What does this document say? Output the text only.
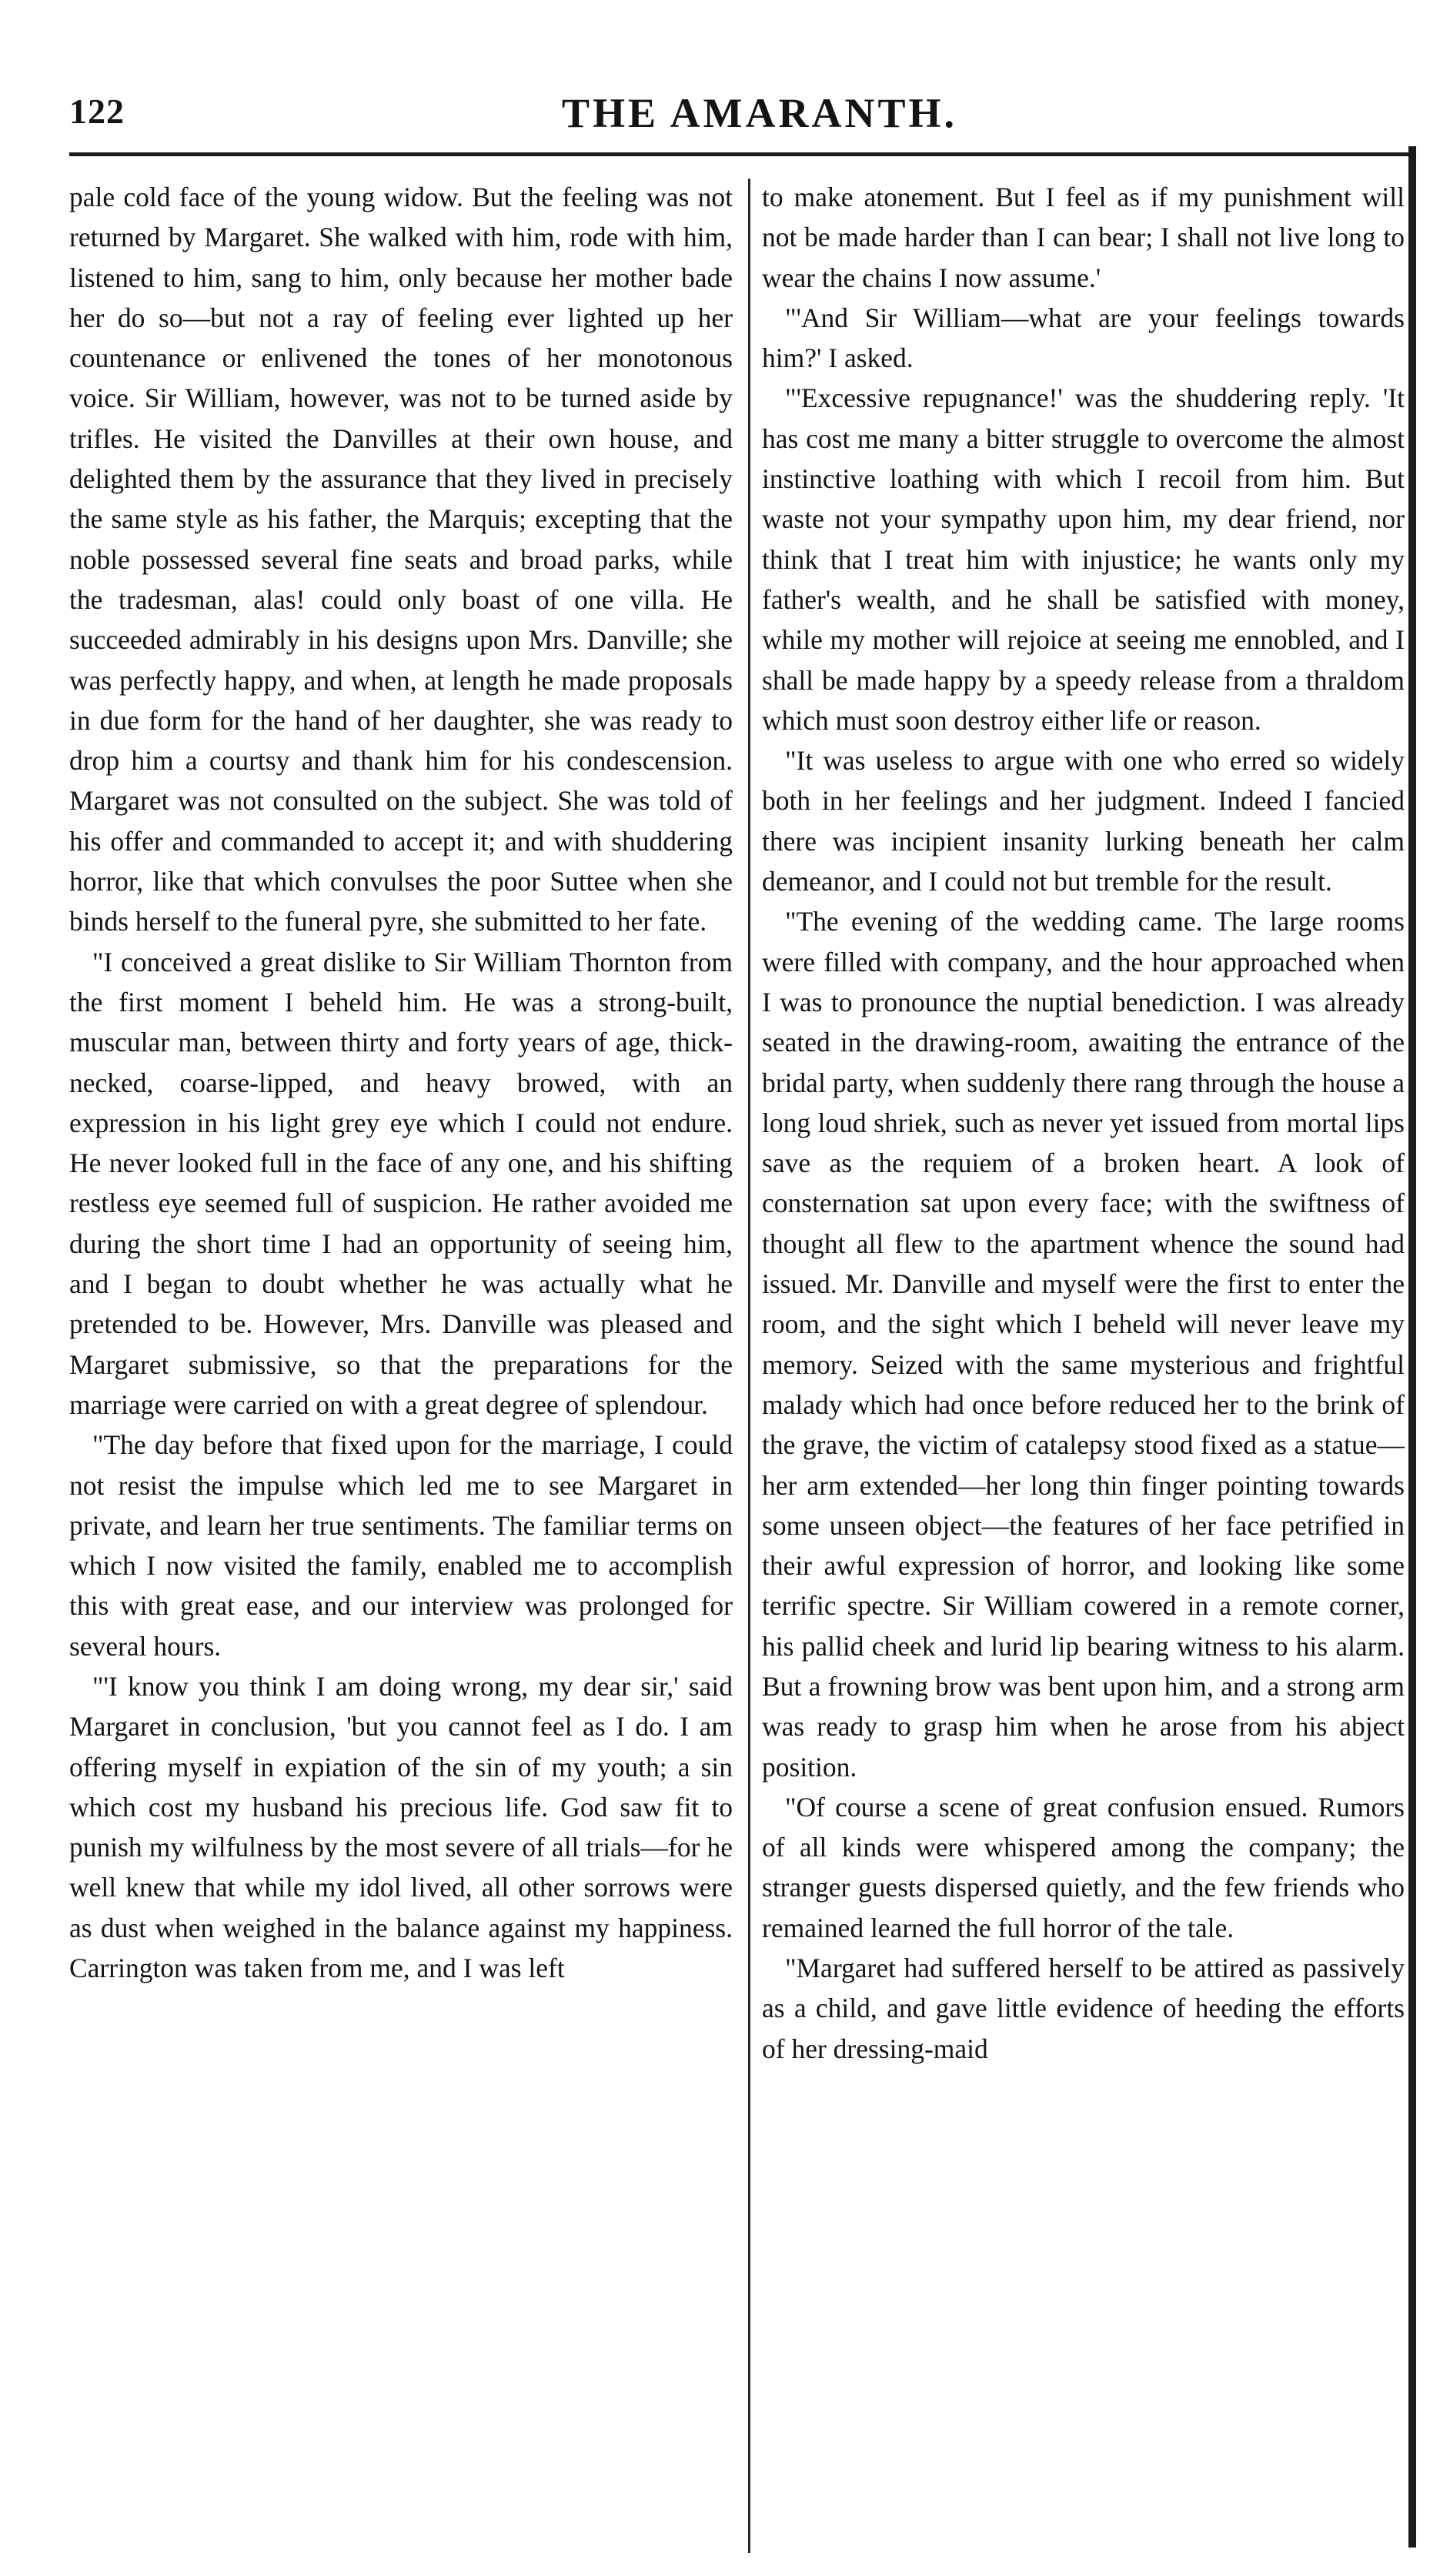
122	THE AMARANTH.

pale cold face of the young widow. But the feeling was not returned by Margaret. She walked with him, rode with him, listened to him, sang to him, only because her mother bade her do so—but not a ray of feeling ever lighted up her countenance or enlivened the tones of her monotonous voice. Sir William, however, was not to be turned aside by trifles. He visited the Danvilles at their own house, and delighted them by the assurance that they lived in precisely the same style as his father, the Marquis; excepting that the noble possessed several fine seats and broad parks, while the tradesman, alas! could only boast of one villa. He succeeded admirably in his designs upon Mrs. Danville; she was perfectly happy, and when, at length he made proposals in due form for the hand of her daughter, she was ready to drop him a courtsy and thank him for his condescension. Margaret was not consulted on the subject. She was told of his offer and commanded to accept it; and with shuddering horror, like that which convulses the poor Suttee when she binds herself to the funeral pyre, she submitted to her fate.

"I conceived a great dislike to Sir William Thornton from the first moment I beheld him. He was a strong-built, muscular man, between thirty and forty years of age, thick-necked, coarse-lipped, and heavy browed, with an expression in his light grey eye which I could not endure. He never looked full in the face of any one, and his shifting restless eye seemed full of suspicion. He rather avoided me during the short time I had an opportunity of seeing him, and I began to doubt whether he was actually what he pretended to be. However, Mrs. Danville was pleased and Margaret submissive, so that the preparations for the marriage were carried on with a great degree of splendour.

"The day before that fixed upon for the marriage, I could not resist the impulse which led me to see Margaret in private, and learn her true sentiments. The familiar terms on which I now visited the family, enabled me to accomplish this with great ease, and our interview was prolonged for several hours.

"'I know you think I am doing wrong, my dear sir,' said Margaret in conclusion, 'but you cannot feel as I do. I am offering myself in expiation of the sin of my youth; a sin which cost my husband his precious life. God saw fit to punish my wilfulness by the most severe of all trials—for he well knew that while my idol lived, all other sorrows were as dust when weighed in the balance against my happiness. Carrington was taken from me, and I was left

to make atonement. But I feel as if my punishment will not be made harder than I can bear; I shall not live long to wear the chains I now assume.'

"'And Sir William—what are your feelings towards him?' I asked.

"'Excessive repugnance!' was the shuddering reply. 'It has cost me many a bitter struggle to overcome the almost instinctive loathing with which I recoil from him. But waste not your sympathy upon him, my dear friend, nor think that I treat him with injustice; he wants only my father's wealth, and he shall be satisfied with money, while my mother will rejoice at seeing me ennobled, and I shall be made happy by a speedy release from a thraldom which must soon destroy either life or reason.

"It was useless to argue with one who erred so widely both in her feelings and her judgment. Indeed I fancied there was incipient insanity lurking beneath her calm demeanor, and I could not but tremble for the result.

"The evening of the wedding came. The large rooms were filled with company, and the hour approached when I was to pronounce the nuptial benediction. I was already seated in the drawing-room, awaiting the entrance of the bridal party, when suddenly there rang through the house a long loud shriek, such as never yet issued from mortal lips save as the requiem of a broken heart. A look of consternation sat upon every face; with the swiftness of thought all flew to the apartment whence the sound had issued. Mr. Danville and myself were the first to enter the room, and the sight which I beheld will never leave my memory. Seized with the same mysterious and frightful malady which had once before reduced her to the brink of the grave, the victim of catalepsy stood fixed as a statue—her arm extended—her long thin finger pointing towards some unseen object—the features of her face petrified in their awful expression of horror, and looking like some terrific spectre. Sir William cowered in a remote corner, his pallid cheek and lurid lip bearing witness to his alarm. But a frowning brow was bent upon him, and a strong arm was ready to grasp him when he arose from his abject position.

"Of course a scene of great confusion ensued. Rumors of all kinds were whispered among the company; the stranger guests dispersed quietly, and the few friends who remained learned the full horror of the tale.

"Margaret had suffered herself to be attired as passively as a child, and gave little evidence of heeding the efforts of her dressing-maid
